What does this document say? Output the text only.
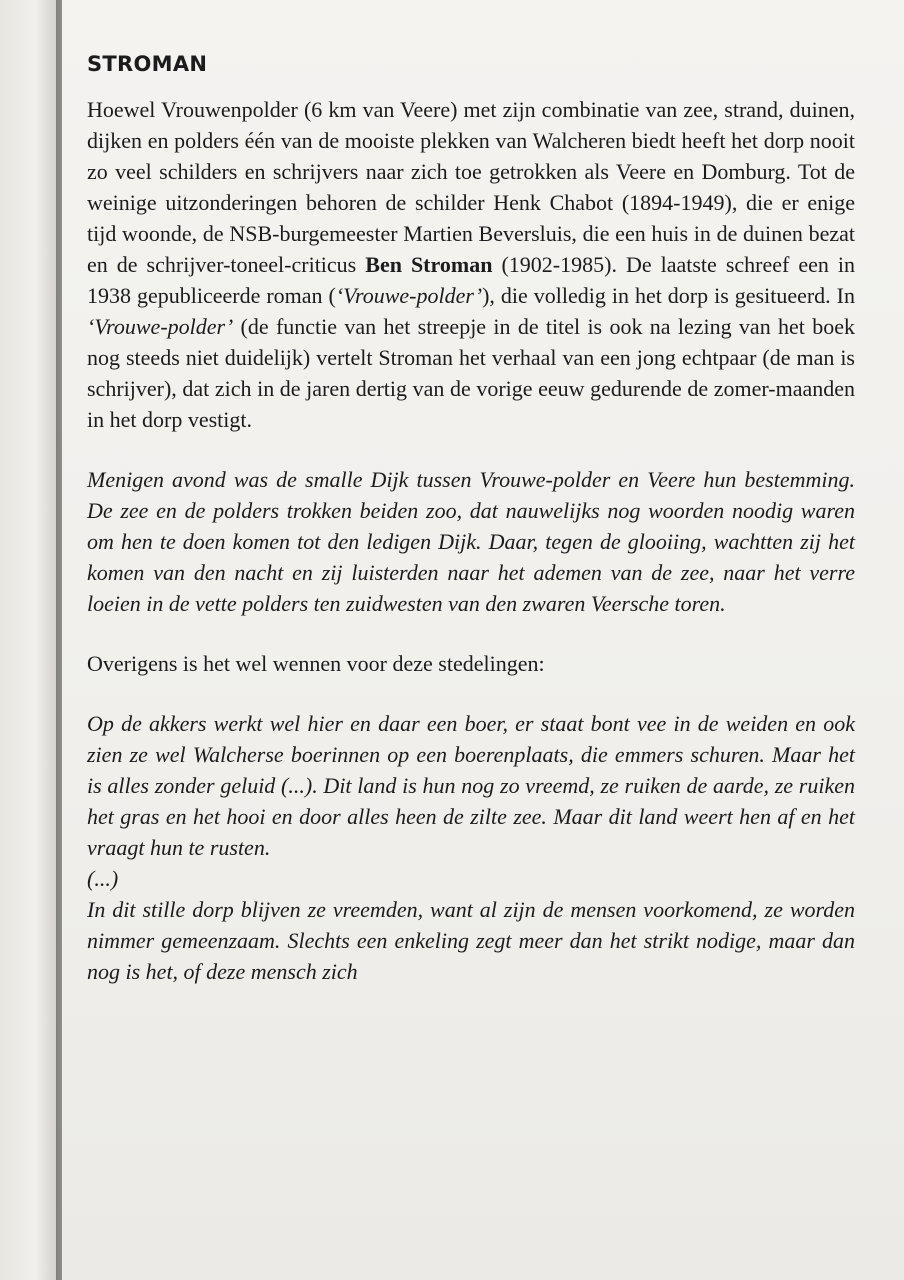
STROMAN

Hoewel Vrouwenpolder (6 km van Veere) met zijn combinatie van zee, strand, duinen, dijken en polders één van de mooiste plekken van Walcheren biedt heeft het dorp nooit zo veel schilders en schrijvers naar zich toe getrokken als Veere en Domburg. Tot de weinige uitzonderingen behoren de schilder Henk Chabot (1894-1949), die er enige tijd woonde, de NSB-burgemeester Martien Beversluis, die een huis in de duinen bezat en de schrijver-toneel-criticus Ben Stroman (1902-1985). De laatste schreef een in 1938 gepubliceerde roman (‘Vrouwe-polder’), die volledig in het dorp is gesitueerd. In ‘Vrouwe-polder’ (de functie van het streepje in de titel is ook na lezing van het boek nog steeds niet duidelijk) vertelt Stroman het verhaal van een jong echtpaar (de man is schrijver), dat zich in de jaren dertig van de vorige eeuw gedurende de zomer-maanden in het dorp vestigt.

Menigen avond was de smalle Dijk tussen Vrouwe-polder en Veere hun bestemming. De zee en de polders trokken beiden zoo, dat nauwelijks nog woorden noodig waren om hen te doen komen tot den ledigen Dijk. Daar, tegen de glooiing, wachtten zij het komen van den nacht en zij luisterden naar het ademen van de zee, naar het verre loeien in de vette polders ten zuidwesten van den zwaren Veersche toren.

Overigens is het wel wennen voor deze stedelingen:

Op de akkers werkt wel hier en daar een boer, er staat bont vee in de weiden en ook zien ze wel Walcherse boerinnen op een boerenplaats, die emmers schuren. Maar het is alles zonder geluid (...). Dit land is hun nog zo vreemd, ze ruiken de aarde, ze ruiken het gras en het hooi en door alles heen de zilte zee. Maar dit land weert hen af en het vraagt hun te rusten.

(...)

In dit stille dorp blijven ze vreemden, want al zijn de mensen voorkomend, ze worden nimmer gemeenzaam. Slechts een enkeling zegt meer dan het strikt nodige, maar dan nog is het, of deze mensch zich
